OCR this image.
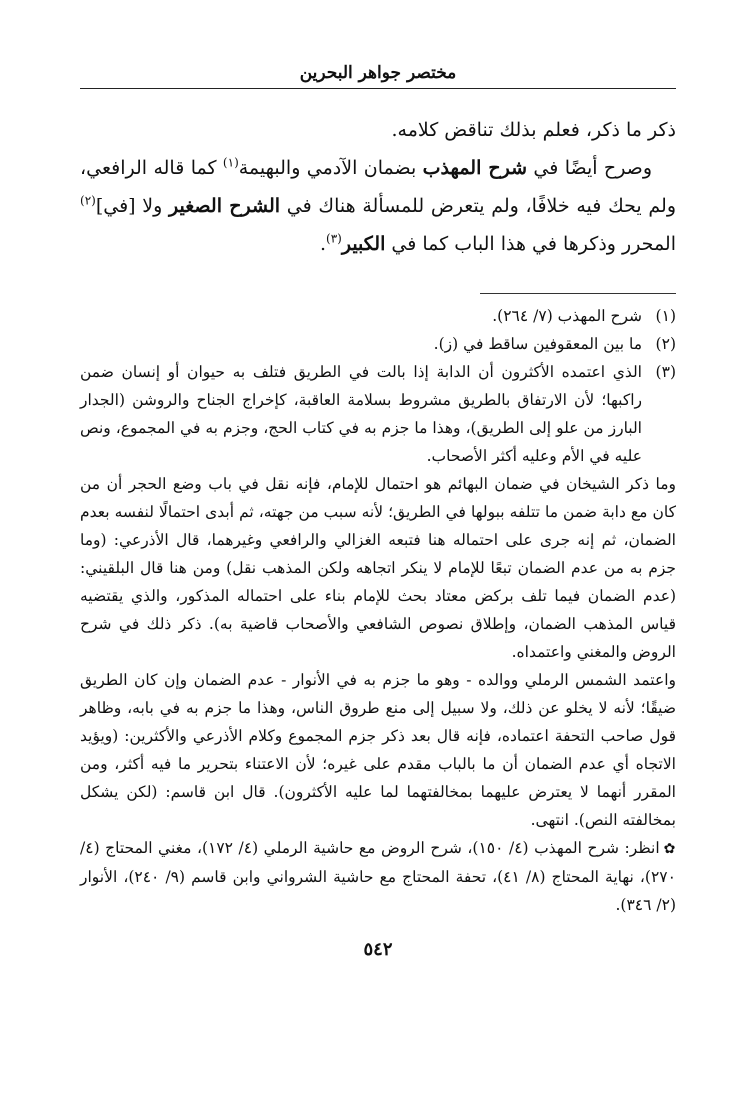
مختصر جواهر البحرين

ذكر ما ذكر، فعلم بذلك تناقض كلامه.

وصرح أيضًا في شرح المهذب بضمان الآدمي والبهيمة$^{(١)}$ كما قاله الرافعي، ولم يحك فيه خلافًا، ولم يتعرض للمسألة هناك في الشرح الصغير ولا [في]$^{(٢)}$ المحرر وذكرها في هذا الباب كما في الكبير$^{(٣)}$.

(١)
شرح المهذب (٧/ ٢٦٤).
(٢)
ما بين المعقوفين ساقط في (ز).
(٣)
الذي اعتمده الأكثرون أن الدابة إذا بالت في الطريق فتلف به حيوان أو إنسان ضمن راكبها؛ لأن الارتفاق بالطريق مشروط بسلامة العاقبة، كإخراج الجناح والروشن (الجدار البارز من علو إلى الطريق)، وهذا ما جزم به في كتاب الحج، وجزم به في المجموع، ونص عليه في الأم وعليه أكثر الأصحاب.
وما ذكر الشيخان في ضمان البهائم هو احتمال للإمام، فإنه نقل في باب وضع الحجر أن من كان مع دابة ضمن ما تتلفه ببولها في الطريق؛ لأنه سبب من جهته، ثم أبدى احتمالًا لنفسه بعدم الضمان، ثم إنه جرى على احتماله هنا فتبعه الغزالي والرافعي وغيرهما، قال الأذرعي: (وما جزم به من عدم الضمان تبعًا للإمام لا ينكر اتجاهه ولكن المذهب نقل) ومن هنا قال البلقيني: (عدم الضمان فيما تلف بركض معتاد بحث للإمام بناء على احتماله المذكور، والذي يقتضيه قياس المذهب الضمان، وإطلاق نصوص الشافعي والأصحاب قاضية به). ذكر ذلك في شرح الروض والمغني واعتمداه.
واعتمد الشمس الرملي ووالده - وهو ما جزم به في الأنوار - عدم الضمان وإن كان الطريق ضيقًا؛ لأنه لا يخلو عن ذلك، ولا سبيل إلى منع طروق الناس، وهذا ما جزم به في بابه، وظاهر قول صاحب التحفة اعتماده، فإنه قال بعد ذكر جزم المجموع وكلام الأذرعي والأكثرين: (ويؤيد الاتجاه أي عدم الضمان أن ما بالباب مقدم على غيره؛ لأن الاعتناء بتحرير ما فيه أكثر، ومن المقرر أنهما لا يعترض عليهما بمخالفتهما لما عليه الأكثرون). قال ابن قاسم: (لكن يشكل بمخالفته النص). انتهى.
✿انظر: شرح المهذب (٤/ ١٥٠)، شرح الروض مع حاشية الرملي (٤/ ١٧٢)، مغني المحتاج (٤/ ٢٧٠)، نهاية المحتاج (٨/ ٤١)، تحفة المحتاج مع حاشية الشرواني وابن قاسم (٩/ ٢٤٠)، الأنوار (٢/ ٣٤٦).
٥٤٢
